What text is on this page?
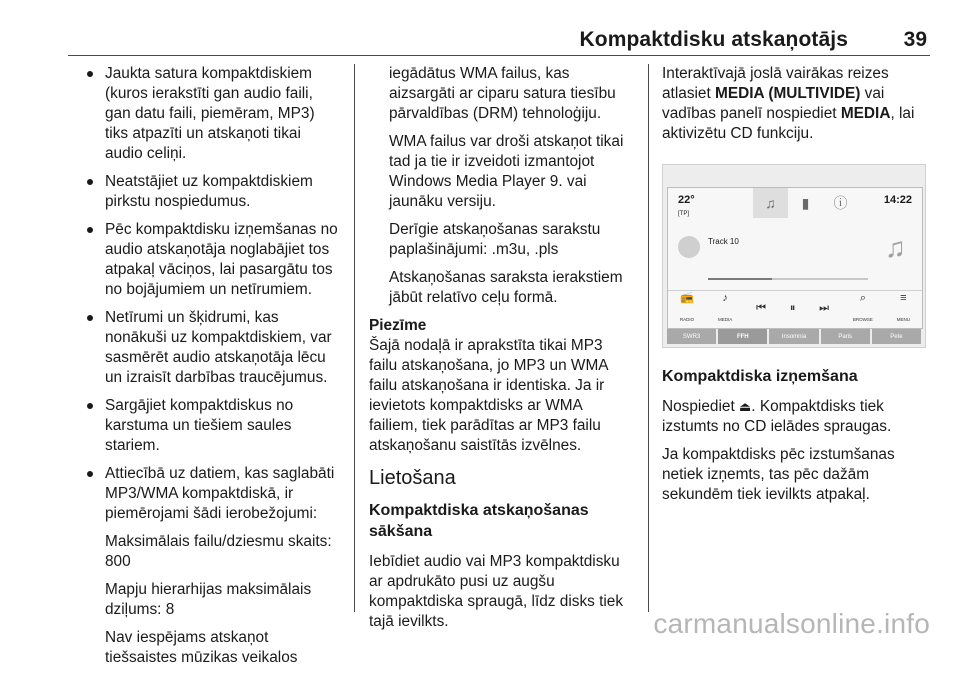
Kompaktdisku atskaņotājs	39
Jaukta satura kompaktdiskiem (kuros ierakstīti gan audio faili, gan datu faili, piemēram, MP3) tiks atpazīti un atskaņoti tikai audio celiņi.
Neatstājiet uz kompaktdiskiem pirkstu nospiedumus.
Pēc kompaktdisku izņemšanas no audio atskaņotāja noglabājiet tos atpakaļ vāciņos, lai pasargātu tos no bojājumiem un netīrumiem.
Netīrumi un šķidrumi, kas nonākuši uz kompaktdiskiem, var sasmērēt audio atskaņotāja lēcu un izraisīt darbības traucējumus.
Sargājiet kompaktdiskus no karstuma un tiešiem saules stariem.
Attiecībā uz datiem, kas saglabāti MP3/WMA kompaktdiskā, ir piemērojami šādi ierobežojumi:

Maksimālais failu/dziesmu skaits: 800

Mapju hierarhijas maksimālais dziļums: 8

Nav iespējams atskaņot tiešsaistes mūzikas veikalos

iegādātus WMA failus, kas aizsargāti ar ciparu satura tiesību pārvaldības (DRM) tehnoloģiju.

WMA failus var droši atskaņot tikai tad ja tie ir izveidoti izmantojot Windows Media Player 9. vai jaunāku versiju.

Derīgie atskaņošanas sarakstu paplašinājumi: .m3u, .pls

Atskaņošanas saraksta ierakstiem jābūt relatīvo ceļu formā.

Piezīme

Šajā nodaļā ir aprakstīta tikai MP3 failu atskaņošana, jo MP3 un WMA failu atskaņošana ir identiska. Ja ir ievietots kompaktdisks ar WMA failiem, tiek parādītas ar MP3 failu atskaņošanu saistītās izvēlnes.

Lietošana
Kompaktdiska atskaņošanas sākšana

Iebīdiet audio vai MP3 kompaktdisku ar apdrukāto pusi uz augšu kompaktdiska spraugā, līdz disks tiek tajā ievilkts.

Interaktīvajā joslā vairākas reizes atlasiet MEDIA (MULTIVIDE) vai vadības panelī nospiediet MEDIA, lai aktivizētu CD funkciju.

22°
[TP]
♫	▮	ⓘ	14:22
Track 10	♫
📻
RADIO
♪
MEDIA
⏮ ⏸ ⏭
⌕
BROWSE
≡
MENU
SWR3	FFH	Insomnia	Paris	Pete
Kompaktdiska izņemšana

Nospiediet ⏏. Kompaktdisks tiek izstumts no CD ielādes spraugas.

Ja kompaktdisks pēc izstumšanas netiek izņemts, tas pēc dažām sekundēm tiek ievilkts atpakaļ.

carmanualsonline.info
